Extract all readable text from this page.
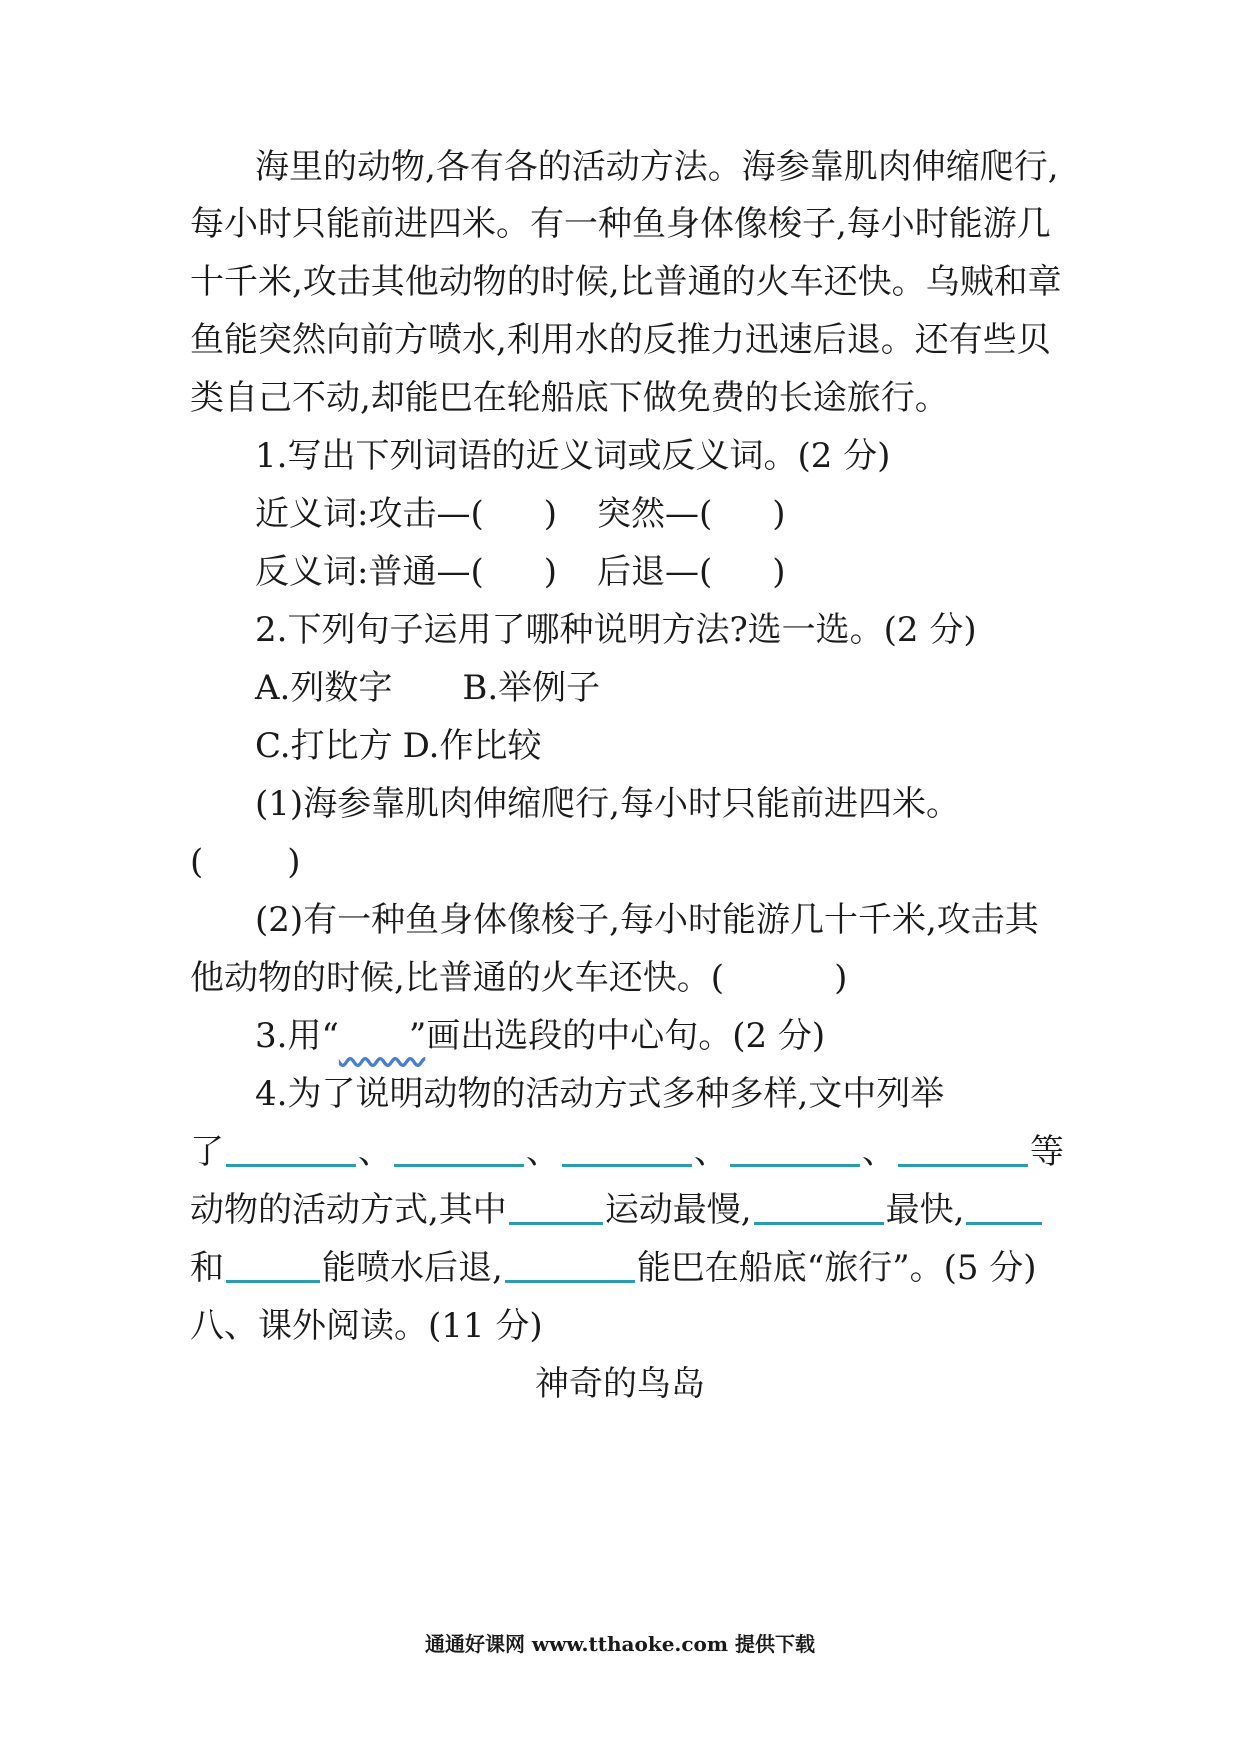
海里的动物,各有各的活动方法。海参靠肌肉伸缩爬行,
每小时只能前进四米。有一种鱼身体像梭子,每小时能游几
十千米,攻击其他动物的时候,比普通的火车还快。乌贼和章
鱼能突然向前方喷水,利用水的反推力迅速后退。还有些贝
类自己不动,却能巴在轮船底下做免费的长途旅行。
1.写出下列词语的近义词或反义词。(2 分)
近义词:攻击—( ) 突然—( )
反义词:普通—( ) 后退—( )
2.下列句子运用了哪种说明方法?选一选。(2 分)
A.列数字 B.举例子
C.打比方 D.作比较
(1)海参靠肌肉伸缩爬行,每小时只能前进四米。
( )
(2)有一种鱼身体像梭子,每小时能游几十千米,攻击其
他动物的时候,比普通的火车还快。(	)
3.用“​        ”画出选段的中心句。(2 分)
4.为了说明动物的活动方式多种多样,文中列举
了	、	、	、	、	等
动物的活动方式,其中	运动最慢,	最快,
和	能喷水后退,	能巴在船底“旅行”。(5 分)
八、课外阅读。(11 分)
神奇的鸟岛
通通好课网 www.tthaoke.com 提供下载
